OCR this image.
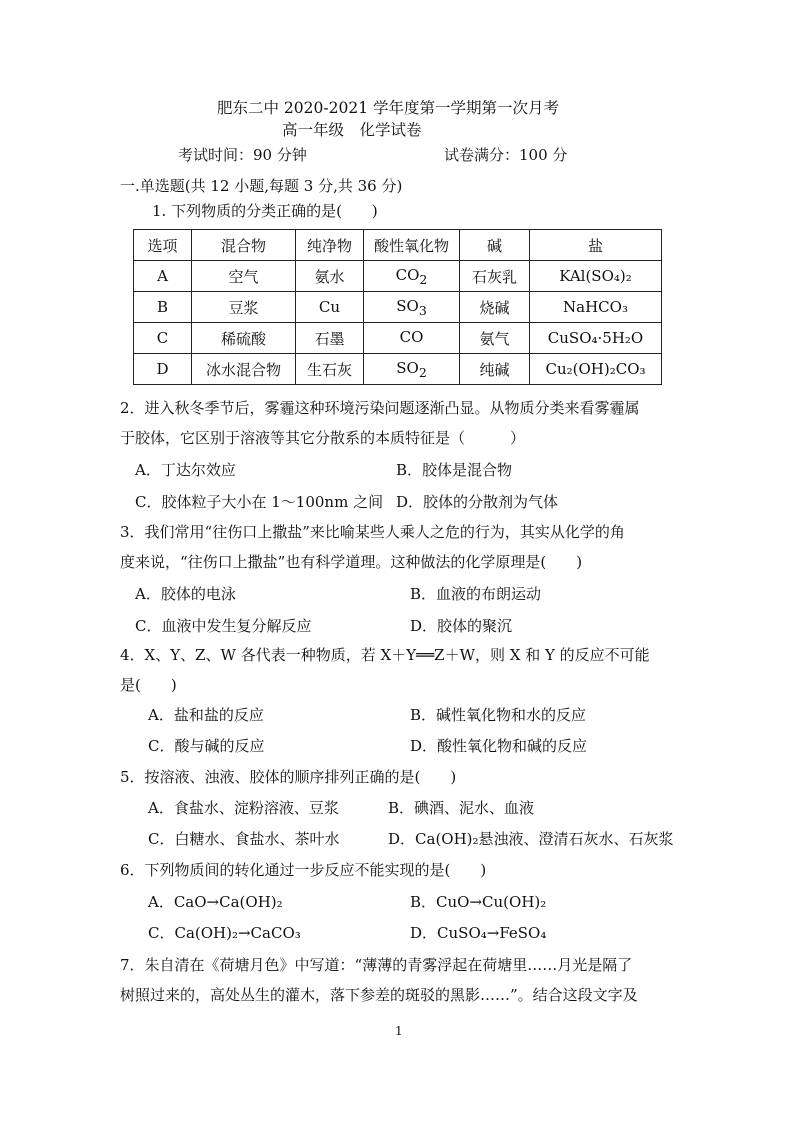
肥东二中 2020-2021 学年度第一学期第一次月考
高一年级　化学试卷
考试时间：90 分钟	试卷满分：100 分
一.单选题(共 12 小题,每题 3 分,共 36 分)
1. 下列物质的分类正确的是(　　)
选项	混合物	纯净物	酸性氧化物	碱	盐
A	空气	氨水	$CO_2$	石灰乳	KAl(SO₄)₂
B	豆浆	Cu	$SO_3$	烧碱	NaHCO₃
C	稀硫酸	石墨	CO	氨气	CuSO₄·5H₂O
D	冰水混合物	生石灰	$SO_2$	纯碱	Cu₂(OH)₂CO₃
2．进入秋冬季节后，雾霾这种环境污染问题逐渐凸显。从物质分类来看雾霾属
于胶体，它区别于溶液等其它分散系的本质特征是（　　　）
A．丁达尔效应	B．胶体是混合物
C．胶体粒子大小在 1～100nm 之间 D．胶体的分散剂为气体
3．我们常用“往伤口上撒盐”来比喻某些人乘人之危的行为，其实从化学的角
度来说，“往伤口上撒盐”也有科学道理。这种做法的化学原理是(　　)
A．胶体的电泳	B．血液的布朗运动
C．血液中发生复分解反应	D．胶体的聚沉
4．X、Y、Z、W 各代表一种物质，若 X＋Y══Z＋W，则 X 和 Y 的反应不可能
是(　　)
A．盐和盐的反应	B．碱性氧化物和水的反应
C．酸与碱的反应	D．酸性氧化物和碱的反应
5．按溶液、浊液、胶体的顺序排列正确的是(　　)
A．食盐水、淀粉溶液、豆浆	B．碘酒、泥水、血液
C．白糖水、食盐水、茶叶水	D．Ca(OH)₂悬浊液、澄清石灰水、石灰浆
6．下列物质间的转化通过一步反应不能实现的是(　　)
A．CaO→Ca(OH)₂	B．CuO→Cu(OH)₂
C．Ca(OH)₂→CaCO₃	D．CuSO₄→FeSO₄
7．朱自清在《荷塘月色》中写道：“薄薄的青雾浮起在荷塘里……月光是隔了
树照过来的，高处丛生的灌木，落下参差的斑驳的黑影……”。结合这段文字及
1
